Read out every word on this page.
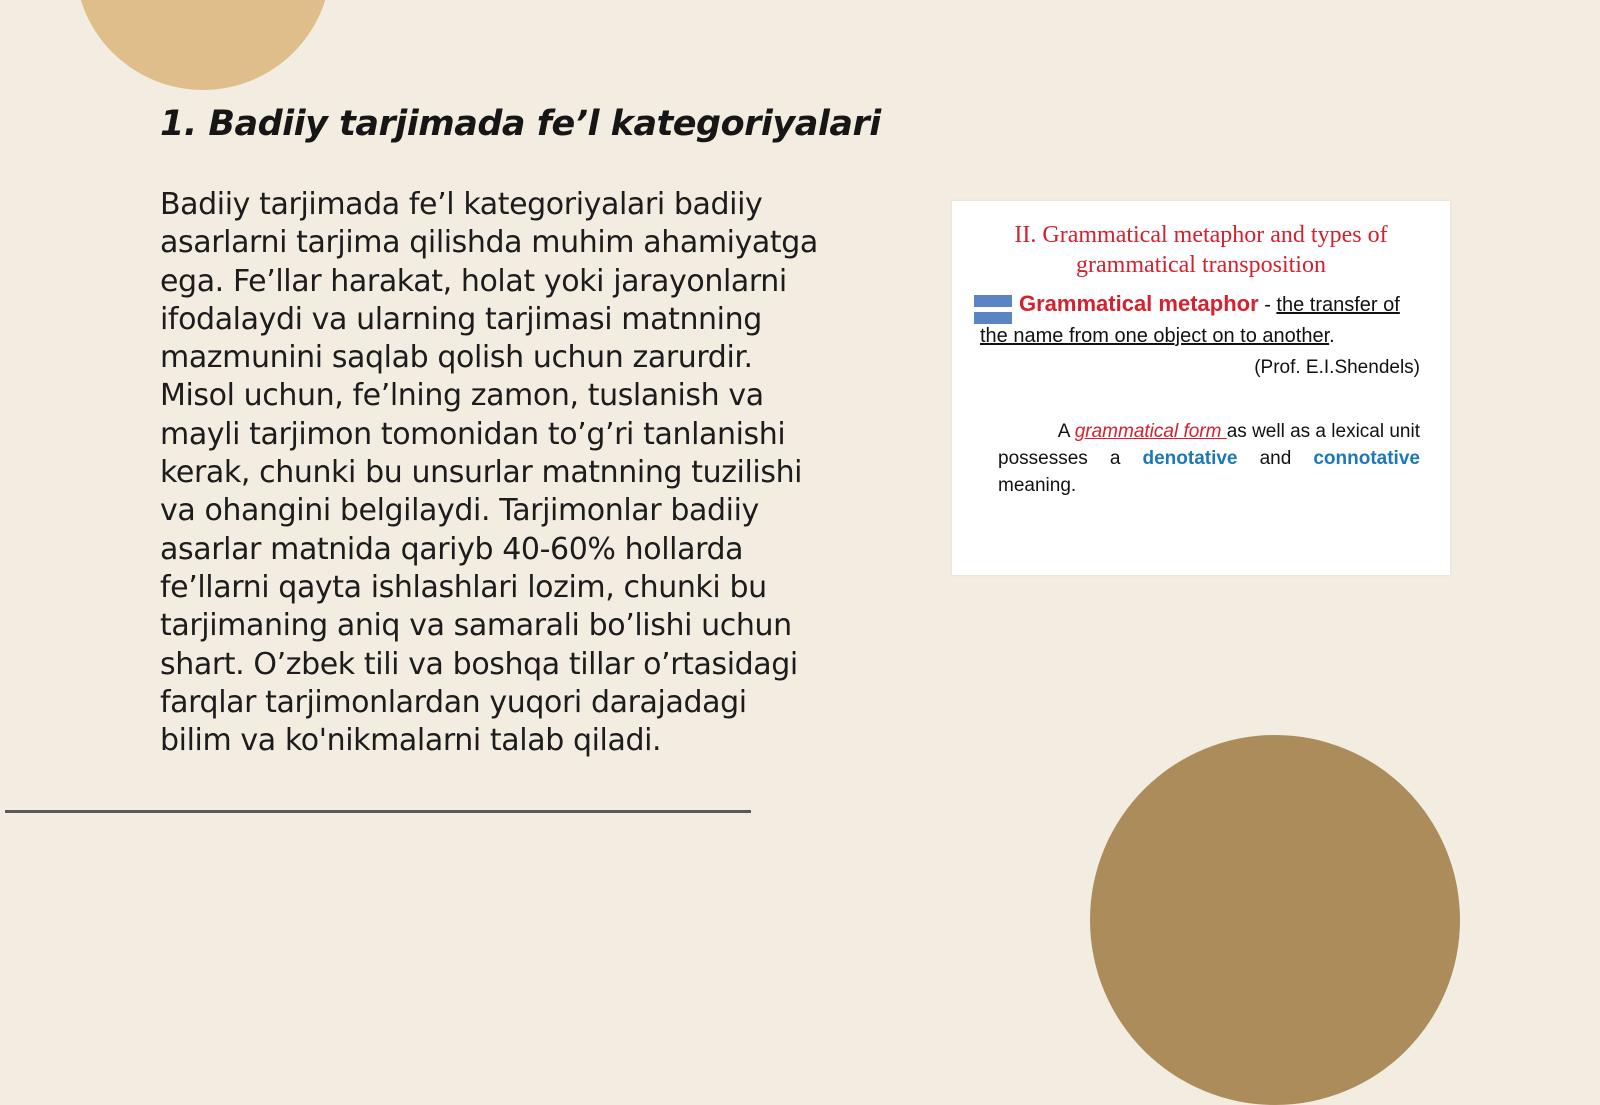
1. Badiiy tarjimada fe’l kategoriyalari
Badiiy tarjimada fe’l kategoriyalari badiiy
asarlarni tarjima qilishda muhim ahamiyatga
ega. Fe’llar harakat, holat yoki jarayonlarni
ifodalaydi va ularning tarjimasi matnning
mazmunini saqlab qolish uchun zarurdir.
Misol uchun, fe’lning zamon, tuslanish va
mayli tarjimon tomonidan to’g’ri tanlanishi
kerak, chunki bu unsurlar matnning tuzilishi
va ohangini belgilaydi. Tarjimonlar badiiy
asarlar matnida qariyb 40-60% hollarda
fe’llarni qayta ishlashlari lozim, chunki bu
tarjimaning aniq va samarali bo’lishi uchun
shart. O’zbek tili va boshqa tillar o’rtasidagi
farqlar tarjimonlardan yuqori darajadagi
bilim va ko'nikmalarni talab qiladi.
II. Grammatical metaphor and types of
grammatical transposition
Grammatical metaphor - the transfer of
the name from one object on to another.
(Prof. E.I.Shendels)
A grammatical form as well as a lexical unit
possesses a denotative and connotative
meaning.
